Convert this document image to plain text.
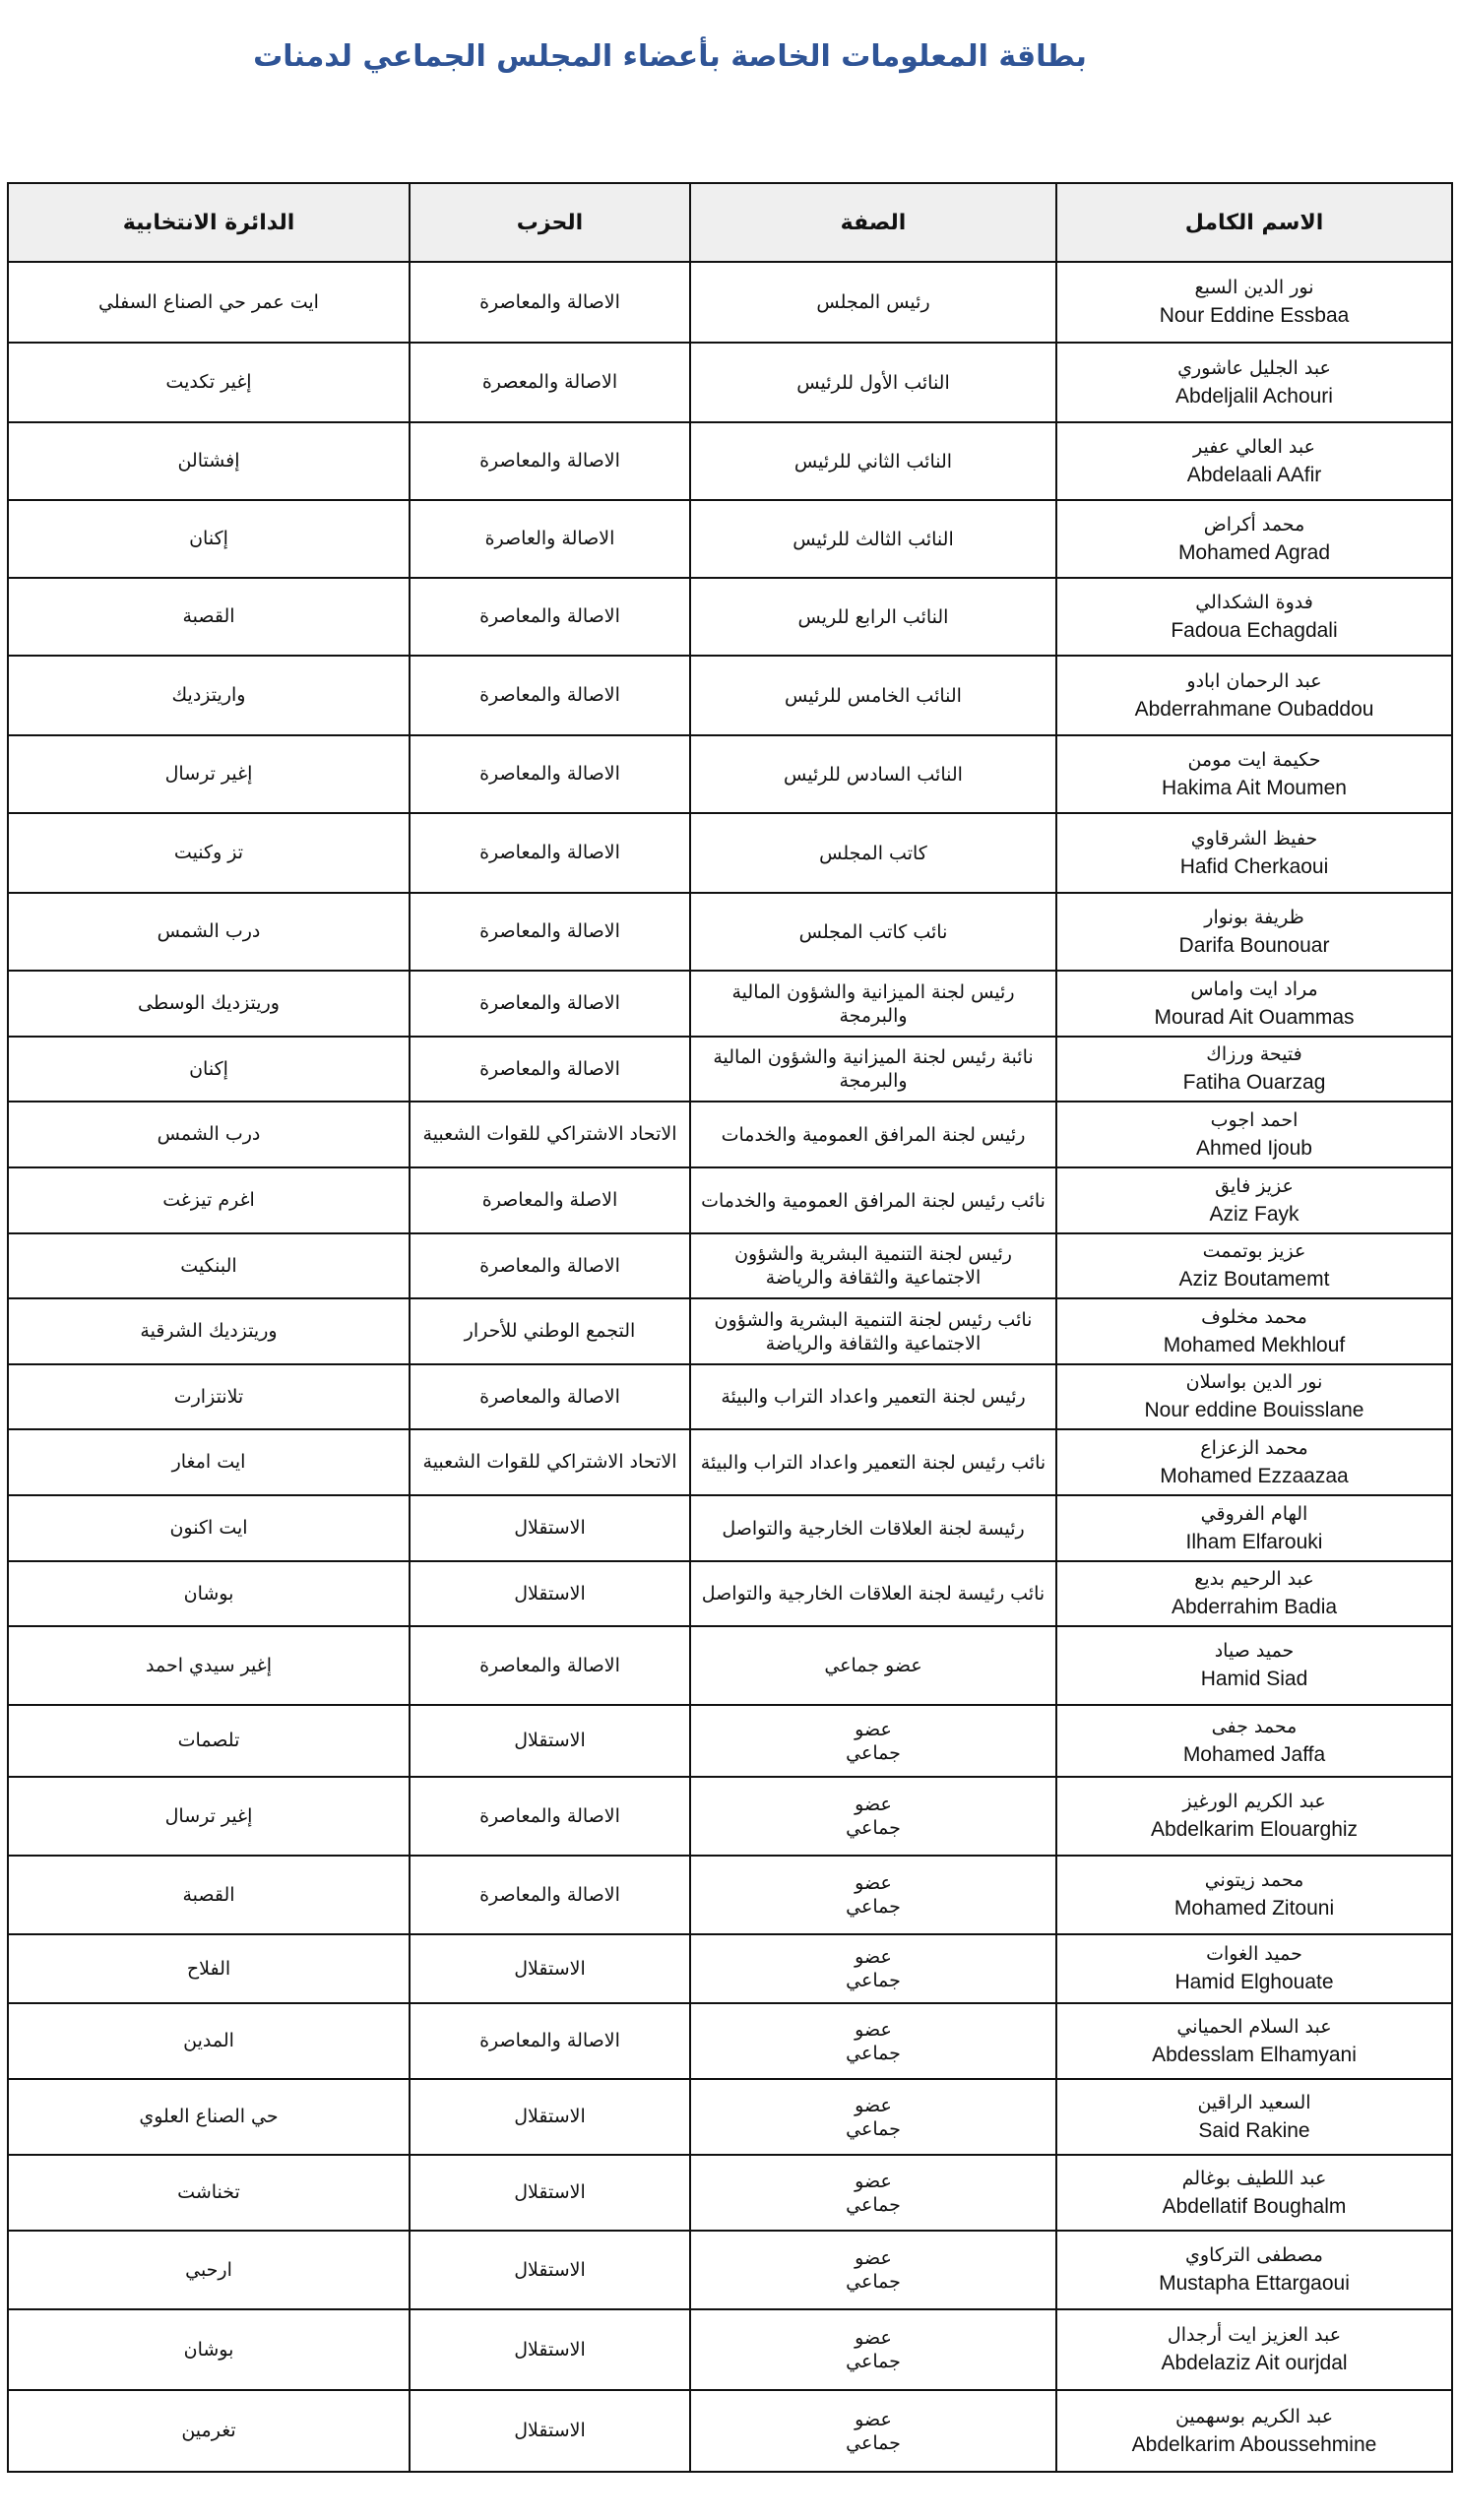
بطاقة المعلومات الخاصة بأعضاء المجلس الجماعي لدمنات
الاسم الكامل	الصفة	الحزب	الدائرة الانتخابية

نور الدين السبع
Nour Eddine Essbaa	رئيس المجلس	الاصالة والمعاصرة	ايت عمر حي الصناع السفلي

عبد الجليل عاشوري
Abdeljalil Achouri	النائب الأول للرئيس	الاصالة والمعصرة	إغير تكديت

عبد العالي عفير
Abdelaali AAfir	النائب الثاني للرئيس	الاصالة والمعاصرة	إفشتالن

محمد أكراض
Mohamed Agrad	النائب الثالث للرئيس	الاصالة والعاصرة	إكنان

فدوة الشكدالي
Fadoua Echagdali	النائب الرابع للريس	الاصالة والمعاصرة	القصبة

عبد الرحمان ابادو
Abderrahmane Oubaddou	النائب الخامس للرئيس	الاصالة والمعاصرة	واريتزديك

حكيمة ايت مومن
Hakima Ait Moumen	النائب السادس للرئيس	الاصالة والمعاصرة	إغير ترسال

حفيظ الشرقاوي
Hafid Cherkaoui	كاتب المجلس	الاصالة والمعاصرة	تز وكنيت

ظريفة بونوار
Darifa Bounouar	نائب كاتب المجلس	الاصالة والمعاصرة	درب الشمس

مراد ايت واماس
Mourad Ait Ouammas	رئيس لجنة الميزانية والشؤون المالية والبرمجة	الاصالة والمعاصرة	وريتزديك الوسطى

فتيحة ورزاك
Fatiha Ouarzag	نائبة رئيس لجنة الميزانية والشؤون المالية والبرمجة	الاصالة والمعاصرة	إكنان

احمد اجوب
Ahmed Ijoub	رئيس لجنة المرافق العمومية والخدمات	الاتحاد الاشتراكي للقوات الشعبية	درب الشمس

عزيز فايق
Aziz Fayk	نائب رئيس لجنة المرافق العمومية والخدمات	الاصلة والمعاصرة	اغرم تيزغت

عزيز بوتممت
Aziz Boutamemt	رئيس لجنة التنمية البشرية والشؤون الاجتماعية والثقافة والرياضة	الاصالة والمعاصرة	البنكيت

محمد مخلوف
Mohamed Mekhlouf	نائب رئيس لجنة التنمية البشرية والشؤون الاجتماعية والثقافة والرياضة	التجمع الوطني للأحرار	وريتزديك الشرقية

نور الدين بواسلان
Nour eddine Bouisslane	رئيس لجنة التعمير واعداد التراب والبيئة	الاصالة والمعاصرة	تلانتزارت

محمد الزعزاع
Mohamed Ezzaazaa	نائب رئيس لجنة التعمير واعداد التراب والبيئة	الاتحاد الاشتراكي للقوات الشعبية	ايت امغار

الهام الفروقي
Ilham Elfarouki	رئيسة لجنة العلاقات الخارجية والتواصل	الاستقلال	ايت اكنون

عبد الرحيم بديع
Abderrahim Badia	نائب رئيسة لجنة العلاقات الخارجية والتواصل	الاستقلال	بوشان

حميد صياد
Hamid Siad	عضو جماعي	الاصالة والمعاصرة	إغير سيدي احمد

محمد جفى
Mohamed Jaffa	عضو جماعي	الاستقلال	تلصمات

عبد الكريم الورغيز
Abdelkarim Elouarghiz	عضو جماعي	الاصالة والمعاصرة	إغير ترسال

محمد زيتوني
Mohamed Zitouni	عضو جماعي	الاصالة والمعاصرة	القصبة

حميد الغوات
Hamid Elghouate	عضو جماعي	الاستقلال	الفلاح

عبد السلام الحمياني
Abdesslam Elhamyani	عضو جماعي	الاصالة والمعاصرة	المدين

السعيد الراقين
Said Rakine	عضو جماعي	الاستقلال	حي الصناع العلوي

عبد اللطيف بوغالم
Abdellatif Boughalm	عضو جماعي	الاستقلال	تخناشت

مصطفى التركاوي
Mustapha Ettargaoui	عضو جماعي	الاستقلال	ارحبي

عبد العزيز ايت أرجدال
Abdelaziz Ait ourjdal	عضو جماعي	الاستقلال	بوشان

عبد الكريم بوسهمين
Abdelkarim Aboussehmine	عضو جماعي	الاستقلال	تغرمين
